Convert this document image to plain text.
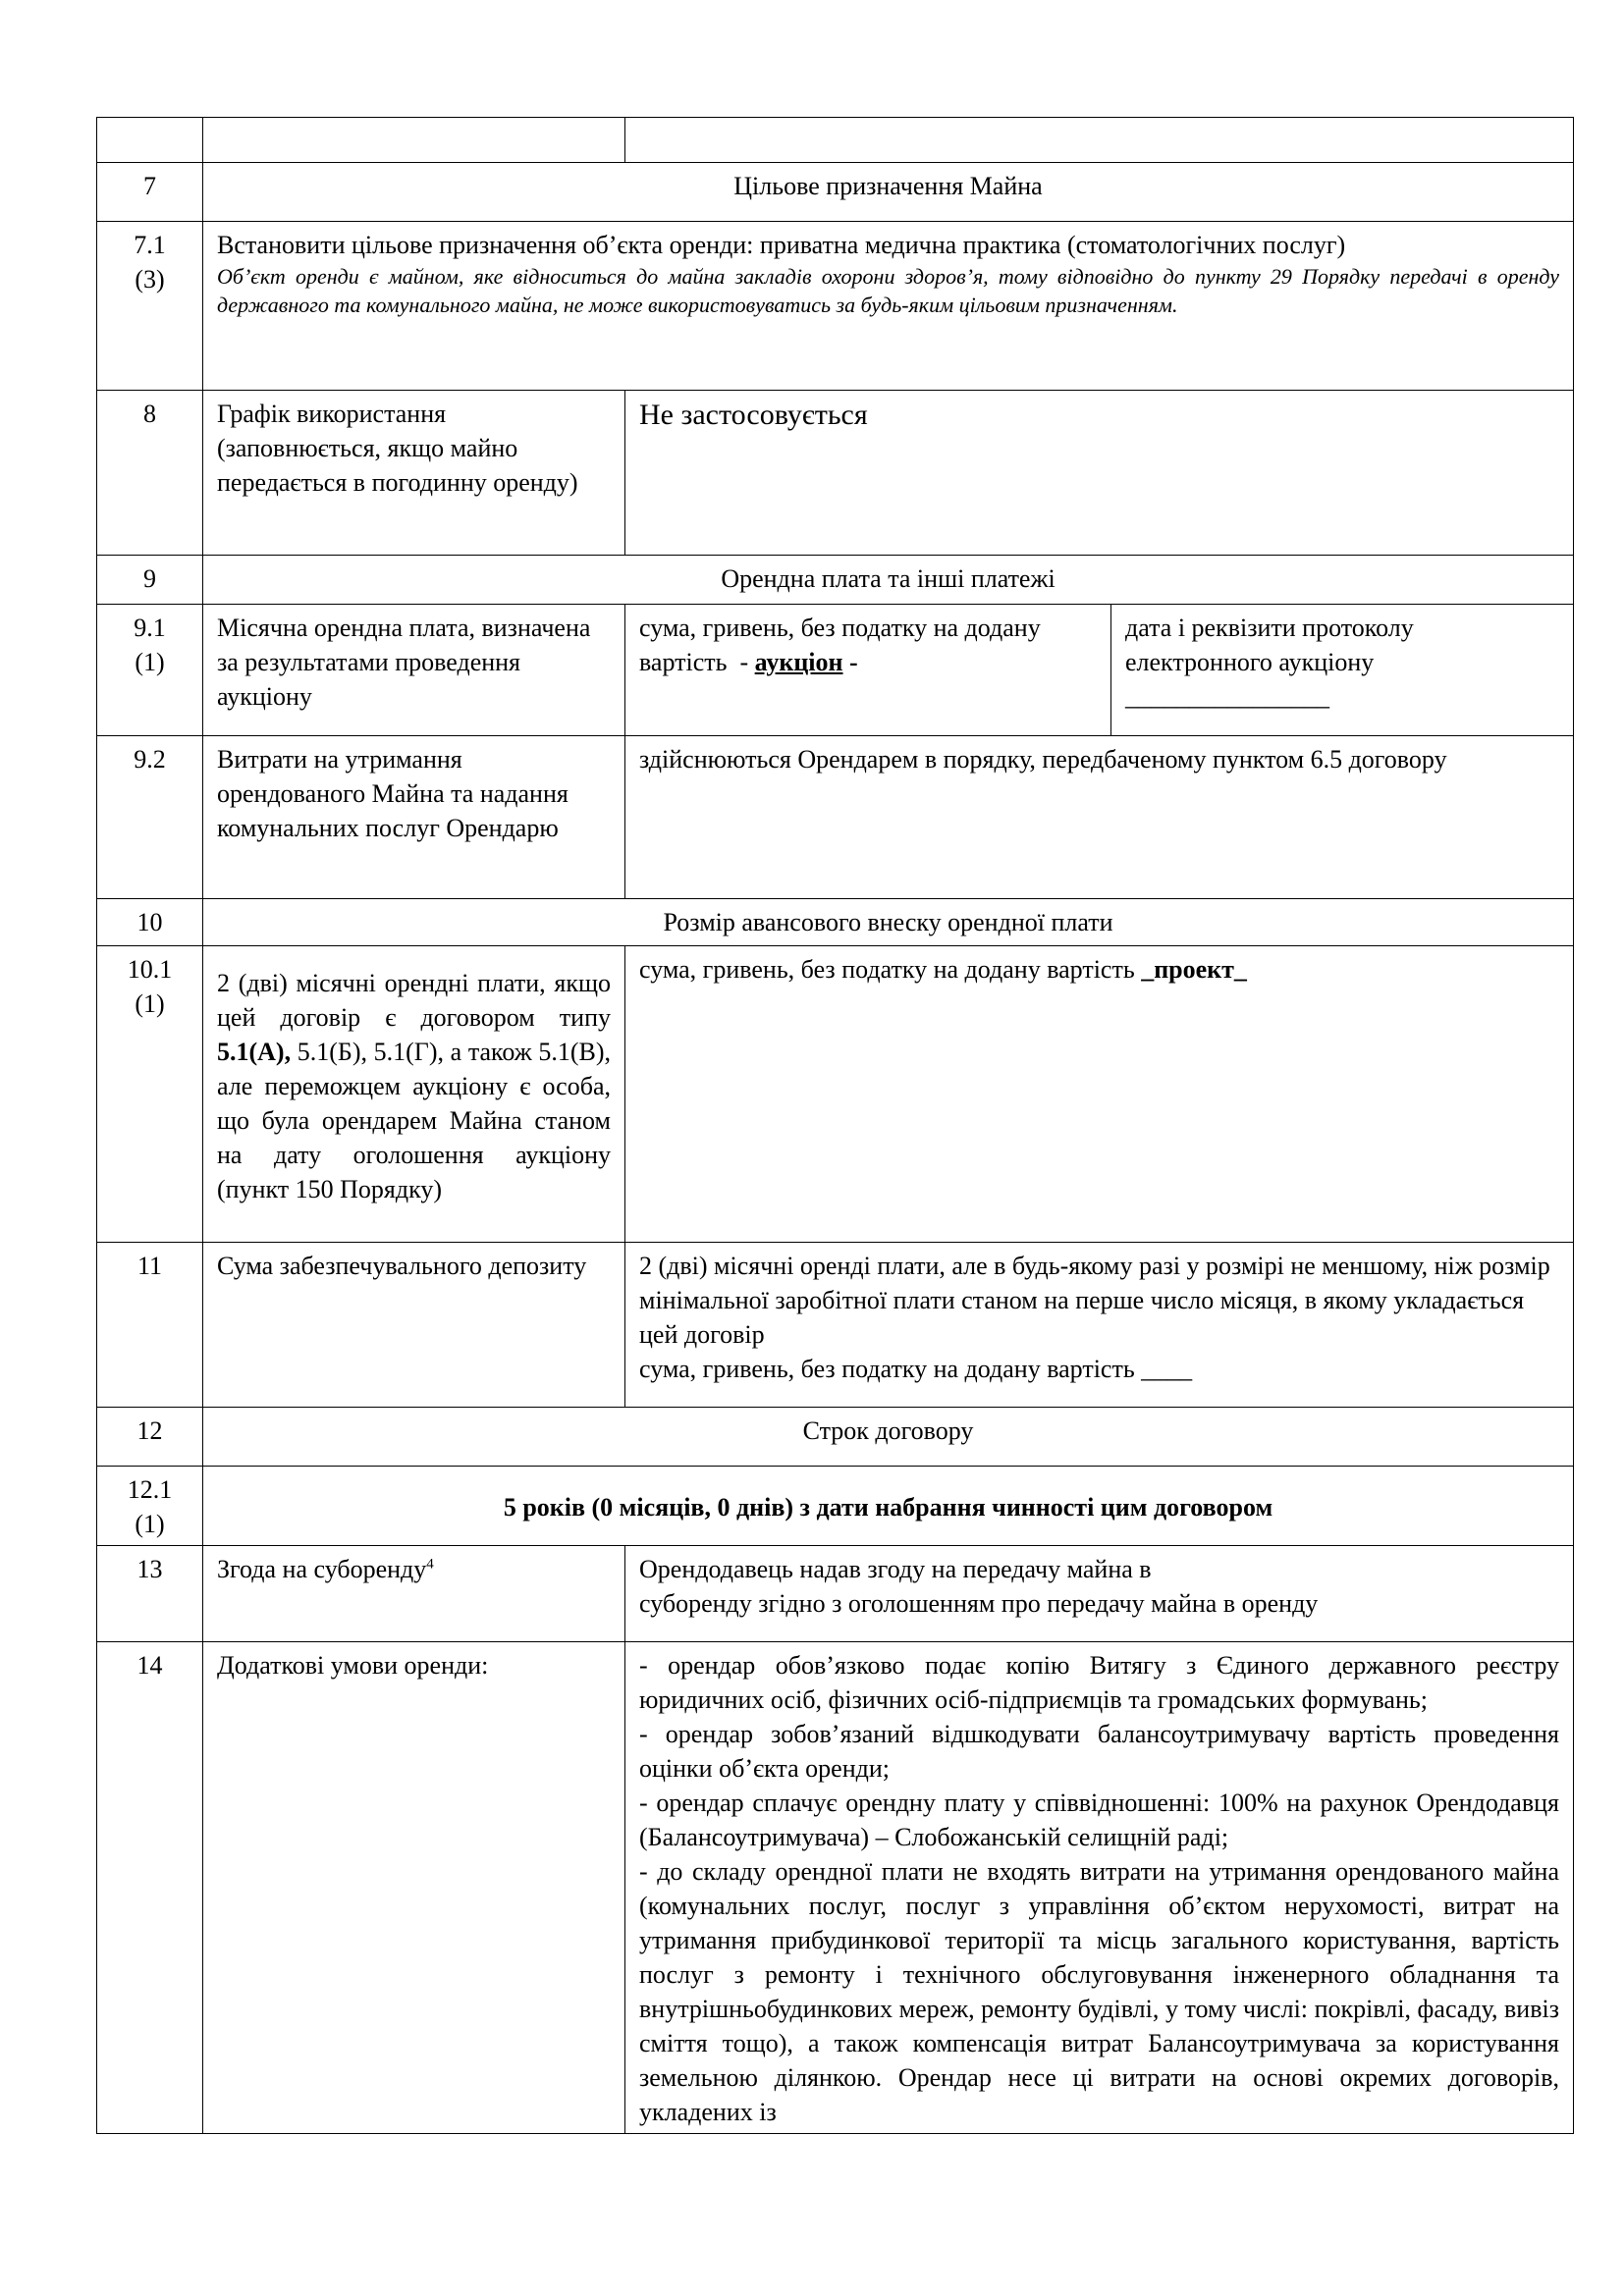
7	Цільове призначення Майна		
7.1
(3)	Встановити цільове призначення об’єкта оренди: приватна медична практика (стоматологічних послуг)
Об’єкт оренди є майном, яке відноситься до майна закладів охорони здоров’я, тому відповідно до пункту 29 Порядку передачі в оренду державного та комунального майна, не може використовуватись за будь-яким цільовим призначенням.		

8	Графік використання (заповнюється, якщо майно передається в погодинну оренду)	Не застосовується	
9	Орендна плата та інші платежі		
9.1
(1)	Місячна орендна плата, визначена за результатами проведення аукціону	сума, гривень, без податку на додану вартість  - аукціон -	дата і реквізити протоколу електронного аукціону
________________

9.2	Витрати на утримання орендованого Майна та надання комунальних послуг Орендарю	здійснюються Орендарем в порядку, передбаченому пунктом 6.5 договору	
10	Розмір авансового внеску орендної плати		
10.1
(1)	2 (дві) місячні орендні плати, якщо цей договір є договором типу 5.1(А), 5.1(Б), 5.1(Г), а також 5.1(В), але переможцем аукціону є особа, що була орендарем Майна станом на дату оголошення аукціону (пункт 150 Порядку)	сума, гривень, без податку на додану вартість _проект_	
11	Сума забезпечувального депозиту	2 (дві) місячні оренді плати, але в будь-якому разі у розмірі не меншому, ніж розмір мінімальної заробітної плати станом на перше число місяця, в якому укладається цей договір
сума, гривень, без податку на додану вартість ____	

12	Строк договору		
12.1
(1)	5 років (0 місяців, 0 днів) з дати набрання чинності цим договором		
13	Згода на суборенду$^4$	Орендодавець надав згоду на передачу майна в
суборенду згідно з оголошенням про передачу майна в оренду	

14	Додаткові умови оренди:	- орендар обов’язково подає копію Витягу з Єдиного державного реєстру юридичних осіб, фізичних осіб-підприємців та громадських формувань;
- орендар зобов’язаний відшкодувати балансоутримувачу вартість проведення оцінки об’єкта оренди;
- орендар сплачує орендну плату у співвідношенні: 100% на рахунок Орендодавця (Балансоутримувача) – Слобожанській селищній раді;
- до складу орендної плати не входять витрати на утримання орендованого майна (комунальних послуг, послуг з управління об’єктом нерухомості, витрат на утримання прибудинкової території та місць загального користування, вартість послуг з ремонту і технічного обслуговування інженерного обладнання та внутрішньобудинкових мереж, ремонту будівлі, у тому числі: покрівлі, фасаду, вивіз сміття тощо), а також компенсація витрат Балансоутримувача за користування земельною ділянкою. Орендар несе ці витрати на основі окремих договорів, укладених із	
